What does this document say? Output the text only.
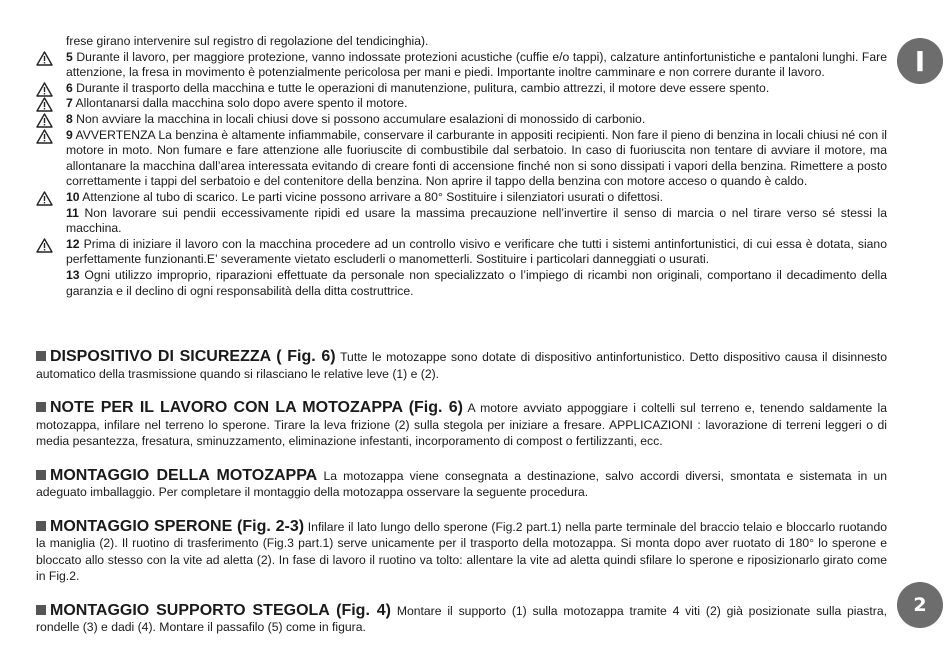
frese girano intervenire sul registro di regolazione del tendicinghia).
5 Durante il lavoro, per maggiore protezione, vanno indossate protezioni acustiche (cuffie e/o tappi), calzature antinfortunistiche e pantaloni lunghi. Fare attenzione, la fresa in movimento è potenzialmente pericolosa per mani e piedi. Importante inoltre camminare e non correre durante il lavoro.
6 Durante il trasporto della macchina e tutte le operazioni di manutenzione, pulitura, cambio attrezzi, il motore deve essere spento.
7 Allontanarsi dalla macchina solo dopo avere spento il motore.
8 Non avviare la macchina in locali chiusi dove si possono accumulare esalazioni di monossido di carbonio.
9 AVVERTENZA La benzina è altamente infiammabile, conservare il carburante in appositi recipienti. Non fare il pieno di benzina in locali chiusi né con il motore in moto. Non fumare e fare attenzione alle fuoriuscite di combustibile dal serbatoio. In caso di fuoriuscita non tentare di avviare il motore, ma allontanare la macchina dall’area interessata evitando di creare fonti di accensione finché non si sono dissipati i vapori della benzina. Rimettere a posto correttamente i tappi del serbatoio e del contenitore della benzina. Non aprire il tappo della benzina con motore acceso o quando è caldo.
10 Attenzione al tubo di scarico. Le parti vicine possono arrivare a 80° Sostituire i silenziatori usurati o difettosi.
11 Non lavorare sui pendii eccessivamente ripidi ed usare la massima precauzione nell’invertire il senso di marcia o nel tirare verso sé stessi la macchina.
12 Prima di iniziare il lavoro con la macchina procedere ad un controllo visivo e verificare che tutti i sistemi antinfortunistici, di cui essa è dotata, siano perfettamente funzionanti.E’ severamente vietato escluderli o manometterli. Sostituire i particolari danneggiati o usurati.
13 Ogni utilizzo improprio, riparazioni effettuate da personale non specializzato o l’impiego di ricambi non originali, comportano il decadimento della garanzia e il declino di ogni responsabilità della ditta costruttrice.
DISPOSITIVO DI SICUREZZA ( Fig. 6) Tutte le motozappe sono dotate di dispositivo antinfortunistico. Detto dispositivo causa il disinnesto automatico della trasmissione quando si rilasciano le relative leve (1) e (2).
NOTE PER IL LAVORO CON LA MOTOZAPPA (Fig. 6) A motore avviato appoggiare i coltelli sul terreno e, tenendo saldamente la motozappa, infilare nel terreno lo sperone. Tirare la leva frizione (2) sulla stegola per iniziare a fresare. APPLICAZIONI : lavorazione di terreni leggeri o di media pesantezza, fresatura, sminuzzamento, eliminazione infestanti, incorporamento di compost o fertilizzanti, ecc.
MONTAGGIO DELLA MOTOZAPPA La motozappa viene consegnata a destinazione, salvo accordi diversi, smontata e sistemata in un adeguato imballaggio. Per completare il montaggio della motozappa osservare la seguente procedura.
MONTAGGIO SPERONE (Fig. 2-3) Infilare il lato lungo dello sperone (Fig.2 part.1) nella parte terminale del braccio telaio e bloccarlo ruotando la maniglia (2). Il ruotino di trasferimento (Fig.3 part.1) serve unicamente per il trasporto della motozappa. Si monta dopo aver ruotato di 180° lo sperone e bloccato allo stesso con la vite ad aletta (2). In fase di lavoro il ruotino va tolto: allentare la vite ad aletta quindi sfilare lo sperone e riposizionarlo girato come in Fig.2.
MONTAGGIO SUPPORTO STEGOLA (Fig. 4) Montare il supporto (1) sulla motozappa tramite 4 viti (2) già posizionate sulla piastra, rondelle (3) e dadi (4). Montare il passafilo (5) come in figura.
I
2
